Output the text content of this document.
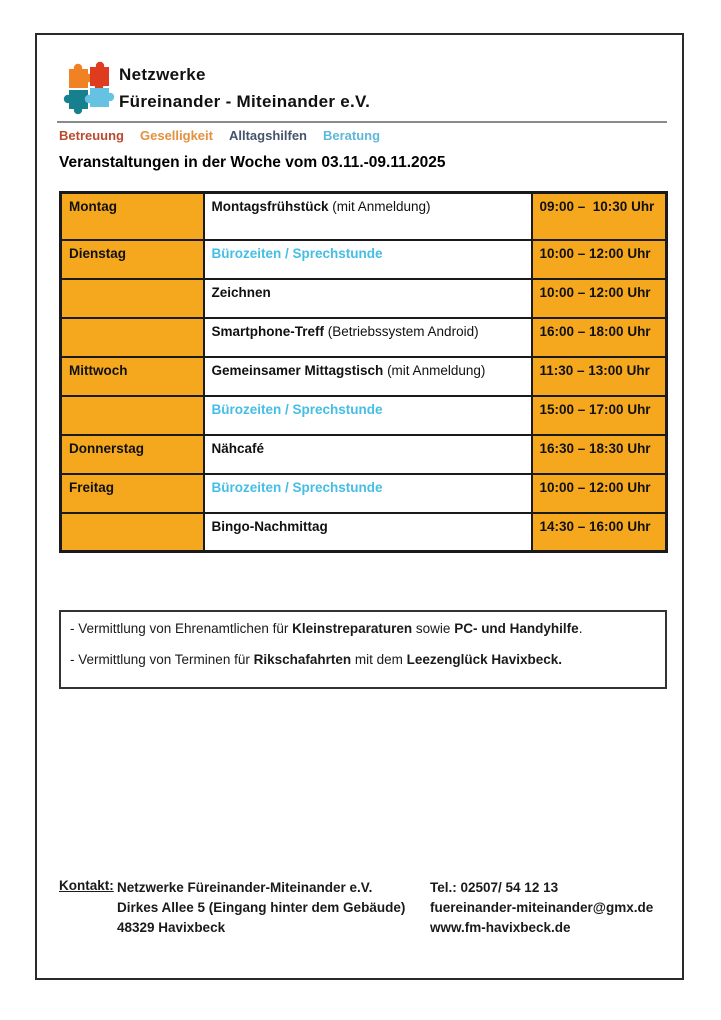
Netzwerke
Füreinander - Miteinander e.V.
Betreuung Geselligkeit Alltagshilfen Beratung
Veranstaltungen in der Woche vom 03.11.-09.11.2025
Montag	Montagsfrühstück (mit Anmeldung)	09:00 –  10:30 Uhr
Dienstag	Bürozeiten / Sprechstunde	10:00 – 12:00 Uhr
	Zeichnen	10:00 – 12:00 Uhr
	Smartphone-Treff (Betriebssystem Android)	16:00 – 18:00 Uhr
Mittwoch	Gemeinsamer Mittagstisch (mit Anmeldung)	11:30 – 13:00 Uhr
	Bürozeiten / Sprechstunde	15:00 – 17:00 Uhr
Donnerstag	Nähcafé	16:30 – 18:30 Uhr
Freitag	Bürozeiten / Sprechstunde	10:00 – 12:00 Uhr
	Bingo-Nachmittag	14:30 – 16:00 Uhr

- Vermittlung von Ehrenamtlichen für Kleinstreparaturen sowie PC- und Handyhilfe.

- Vermittlung von Terminen für Rikschafahrten mit dem Leezenglück Havixbeck.

Kontakt: Netzwerke Füreinander-Miteinander e.V.
Dirkes Allee 5 (Eingang hinter dem Gebäude)
48329 Havixbeck
Tel.: 02507/ 54 12 13
fuereinander-miteinander@gmx.de
www.fm-havixbeck.de
